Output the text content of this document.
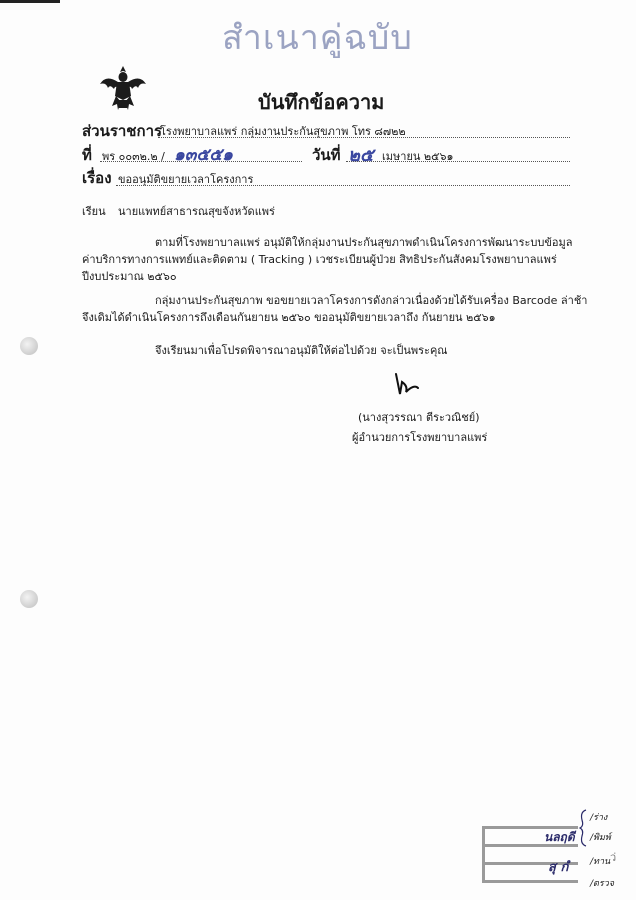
สำเนาคู่ฉบับ
บันทึกข้อความ
ส่วนราชการ
โรงพยาบาลแพร่ กลุ่มงานประกันสุขภาพ โทร ๘๗๒๒
ที่ พร ๐๐๓๒.๒ / ๑๓๕๕๑	วันที่ ๒๕ เมษายน ๒๕๖๑
เรื่อง ขออนุมัติขยายเวลาโครงการ
เรียน นายแพทย์สาธารณสุขจังหวัดแพร่
ตามที่โรงพยาบาลแพร่ อนุมัติให้กลุ่มงานประกันสุขภาพดำเนินโครงการพัฒนาระบบข้อมูล
ค่าบริการทางการแพทย์และติดตาม ( Tracking ) เวชระเบียนผู้ป่วย สิทธิประกันสังคมโรงพยาบาลแพร่
ปีงบประมาณ ๒๕๖๐
กลุ่มงานประกันสุขภาพ ขอขยายเวลาโครงการดังกล่าวเนื่องด้วยได้รับเครื่อง Barcode ล่าช้า
จึงเดิมได้ดำเนินโครงการถึงเดือนกันยายน ๒๕๖๐ ขออนุมัติขยายเวลาถึง กันยายน ๒๕๖๑
จึงเรียนมาเพื่อโปรดพิจารณาอนุมัติให้ต่อไปด้วย จะเป็นพระคุณ
(นางสุวรรณา ตีระวณิชย์)
ผู้อำนวยการโรงพยาบาลแพร่
นลฤดี
สุ กํ
/ร่าง
/พิมพ์
/ทาน
/ตรวจ
ว่
